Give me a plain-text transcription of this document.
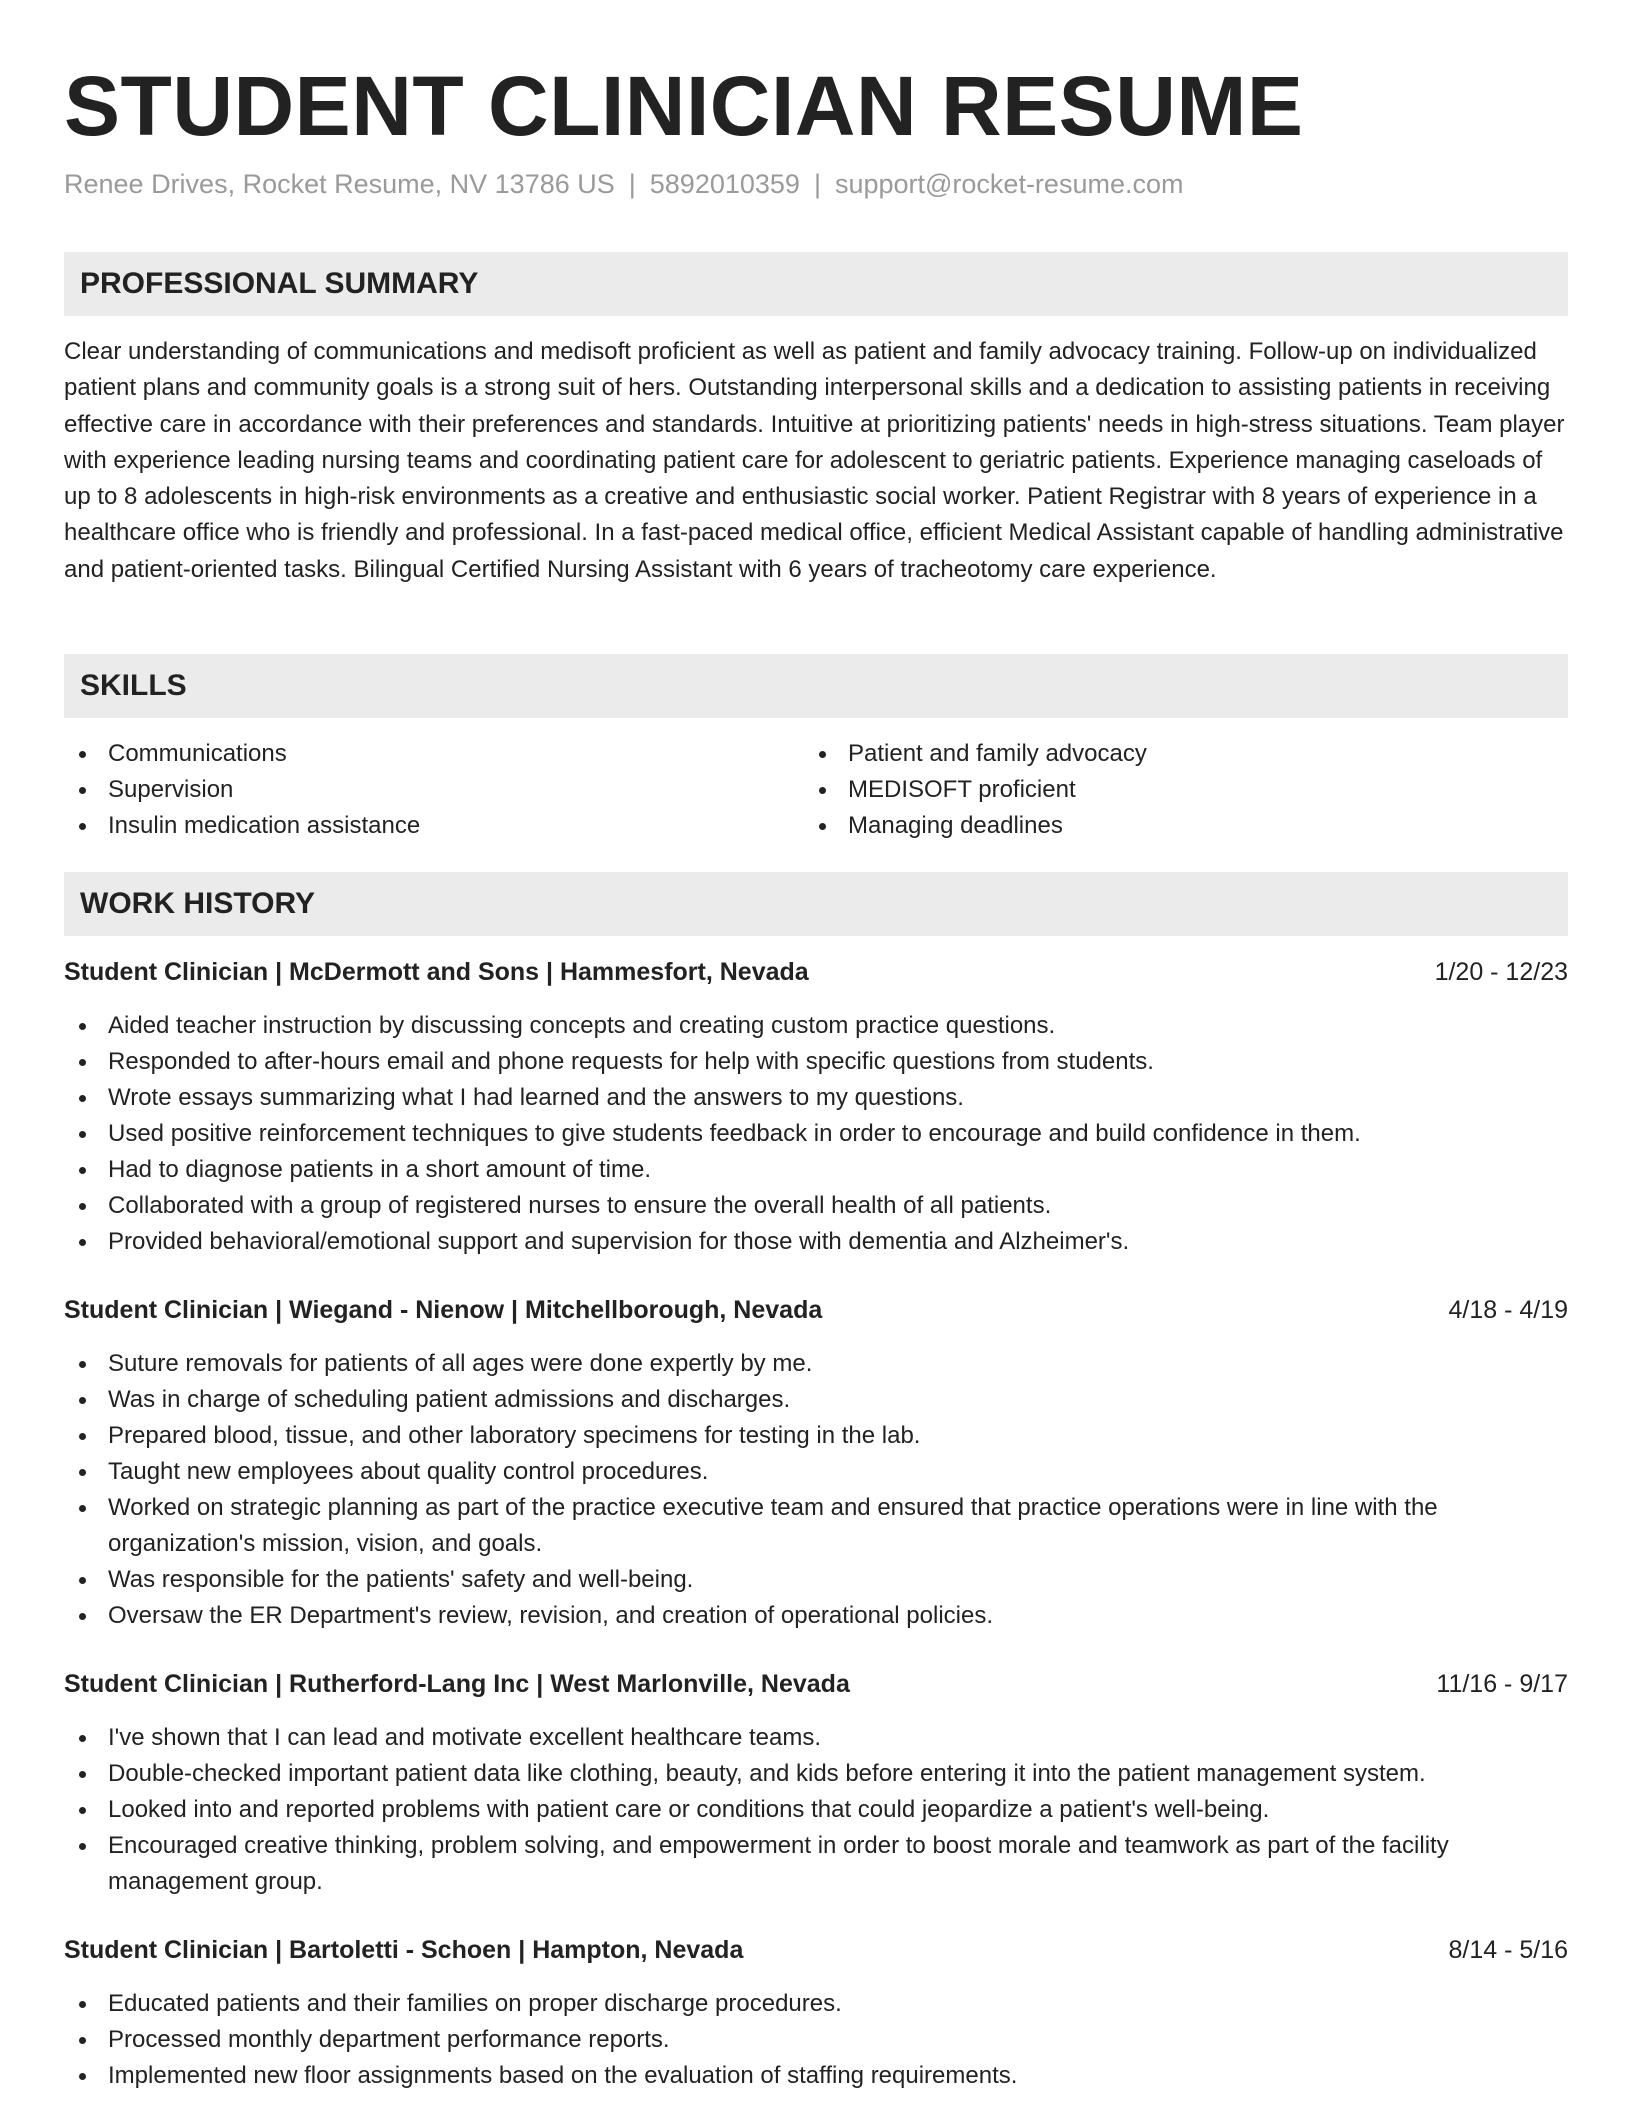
STUDENT CLINICIAN RESUME
Renee Drives, Rocket Resume, NV 13786 US | 5892010359 | support@rocket-resume.com
PROFESSIONAL SUMMARY

Clear understanding of communications and medisoft proficient as well as patient and family advocacy training. Follow-up on individualized patient plans and community goals is a strong suit of hers. Outstanding interpersonal skills and a dedication to assisting patients in receiving effective care in accordance with their preferences and standards. Intuitive at prioritizing patients' needs in high-stress situations. Team player with experience leading nursing teams and coordinating patient care for adolescent to geriatric patients. Experience managing caseloads of up to 8 adolescents in high-risk environments as a creative and enthusiastic social worker. Patient Registrar with 8 years of experience in a healthcare office who is friendly and professional. In a fast-paced medical office, efficient Medical Assistant capable of handling administrative and patient-oriented tasks. Bilingual Certified Nursing Assistant with 6 years of tracheotomy care experience.

SKILLS
Communications
Supervision
Insulin medication assistance
Patient and family advocacy
MEDISOFT proficient
Managing deadlines
WORK HISTORY
Student Clinician | McDermott and Sons | Hammesfort, Nevada	1/20 - 12/23
Aided teacher instruction by discussing concepts and creating custom practice questions.
Responded to after-hours email and phone requests for help with specific questions from students.
Wrote essays summarizing what I had learned and the answers to my questions.
Used positive reinforcement techniques to give students feedback in order to encourage and build confidence in them.
Had to diagnose patients in a short amount of time.
Collaborated with a group of registered nurses to ensure the overall health of all patients.
Provided behavioral/emotional support and supervision for those with dementia and Alzheimer's.
Student Clinician | Wiegand - Nienow | Mitchellborough, Nevada	4/18 - 4/19
Suture removals for patients of all ages were done expertly by me.
Was in charge of scheduling patient admissions and discharges.
Prepared blood, tissue, and other laboratory specimens for testing in the lab.
Taught new employees about quality control procedures.
Worked on strategic planning as part of the practice executive team and ensured that practice operations were in line with the organization's mission, vision, and goals.
Was responsible for the patients' safety and well-being.
Oversaw the ER Department's review, revision, and creation of operational policies.
Student Clinician | Rutherford-Lang Inc | West Marlonville, Nevada	11/16 - 9/17
I've shown that I can lead and motivate excellent healthcare teams.
Double-checked important patient data like clothing, beauty, and kids before entering it into the patient management system.
Looked into and reported problems with patient care or conditions that could jeopardize a patient's well-being.
Encouraged creative thinking, problem solving, and empowerment in order to boost morale and teamwork as part of the facility management group.
Student Clinician | Bartoletti - Schoen | Hampton, Nevada	8/14 - 5/16
Educated patients and their families on proper discharge procedures.
Processed monthly department performance reports.
Implemented new floor assignments based on the evaluation of staffing requirements.
